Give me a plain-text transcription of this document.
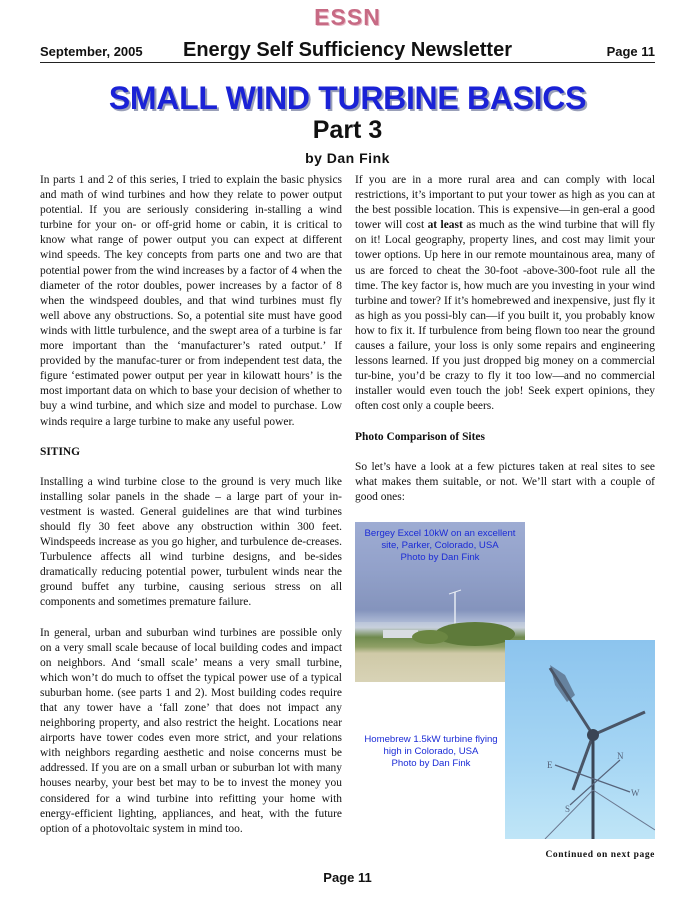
ESSN
September, 2005	Energy Self Sufficiency Newsletter	Page 11
SMALL WIND TURBINE BASICS
Part 3
by Dan Fink

In parts 1 and 2 of this series, I tried to explain the basic physics and math of wind turbines and how they relate to power output potential. If you are seriously considering in-stalling a wind turbine for your on- or off-grid home or cabin, it is critical to know what range of power output you can expect at different wind speeds. The key concepts from parts one and two are that potential power from the wind increases by a factor of 4 when the diameter of the rotor doubles, power increases by a factor of 8 when the windspeed doubles, and that wind turbines must fly well above any obstructions. So, a potential site must have good winds with little turbulence, and the swept area of a turbine is far more important than the ‘manufacturer’s rated output.’ If provided by the manufac-turer or from independent test data, the figure ‘estimated power output per year in kilowatt hours’ is the most important data on which to base your decision of whether to buy a wind turbine, and which size and model to purchase. Low winds require a large turbine to make any useful power.

SITING

Installing a wind turbine close to the ground is very much like installing solar panels in the shade – a large part of your in-vestment is wasted. General guidelines are that wind turbines should fly 30 feet above any obstruction within 300 feet. Windspeeds increase as you go higher, and turbulence de-creases. Turbulence affects all wind turbine designs, and be-sides dramatically reducing potential power, turbulent winds near the ground buffet any turbine, causing serious stress on all components and sometimes premature failure.

In general, urban and suburban wind turbines are possible only on a very small scale because of local building codes and impact on neighbors. And ‘small scale’ means a very small turbine, which won’t do much to offset the typical power use of a typical suburban home. (see parts 1 and 2). Most building codes require that any tower have a ‘fall zone’ that does not impact any neighboring property, and also restrict the height. Locations near airports have tower codes even more strict, and your relations with neighbors regarding aesthetic and noise concerns must be addressed. If you are on a small urban or suburban lot with many houses nearby, your best bet may to be to invest the money you considered for a wind turbine into refitting your home with energy-efficient lighting, appliances, and heat, with the future option of a photovoltaic system in mind too.

If you are in a more rural area and can comply with local restrictions, it’s important to put your tower as high as you can at the best possible location. This is expensive—in gen-eral a good tower will cost at least as much as the wind turbine that will fly on it! Local geography, property lines, and cost may limit your tower options. Up here in our remote mountainous area, many of us are forced to cheat the 30-foot -above-300-foot rule all the time. The key factor is, how much are you investing in your wind turbine and tower? If it’s homebrewed and inexpensive, just fly it as high as you possi-bly can—if you built it, you probably know how to fix it. If turbulence from being flown too near the ground causes a failure, your loss is only some repairs and engineering lessons learned. If you just dropped big money on a commercial tur-bine, you’d be crazy to fly it too low—and no commercial installer would even touch the job! Seek expert opinions, they often cost only a couple beers.

Photo Comparison of Sites

So let’s have a look at a few pictures taken at real sites to see what makes them suitable, or not. We’ll start with a couple of good ones:

Bergey Excel 10kW on an excellent site, Parker, Colorado, USA
Photo by Dan Fink
N
W
S
E
Homebrew 1.5kW turbine flying high in Colorado, USA
Photo by Dan Fink
Continued on next page
Page 11
